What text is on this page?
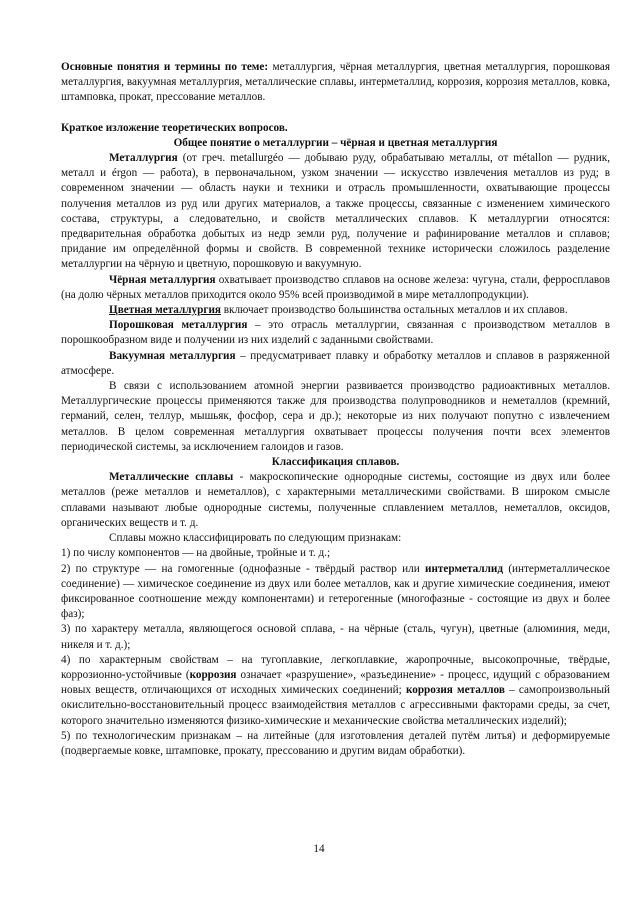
Основные понятия и термины по теме: металлургия, чёрная металлургия, цветная металлургия, порошковая металлургия, вакуумная металлургия, металлические сплавы, интерметаллид, коррозия, коррозия металлов, ковка, штамповка, прокат, прессование металлов.

Краткое изложение теоретических вопросов.

Общее понятие о металлургии – чёрная и цветная металлургия

Металлургия (от греч. metallurgéo — добываю руду, обрабатываю металлы, от métallon — рудник, металл и érgon — работа), в первоначальном, узком значении — искусство извлечения металлов из руд; в современном значении — область науки и техники и отрасль промышленности, охватывающие процессы получения металлов из руд или других материалов, а также процессы, связанные с изменением химического состава, структуры, а следовательно, и свойств металлических сплавов. К металлургии относятся: предварительная обработка добытых из недр земли руд, получение и рафинирование металлов и сплавов; придание им определённой формы и свойств. В современной технике исторически сложилось разделение металлургии на чёрную и цветную, порошковую и вакуумную.

Чёрная металлургия охватывает производство сплавов на основе железа: чугуна, стали, ферросплавов (на долю чёрных металлов приходится около 95% всей производимой в мире металлопродукции).

Цветная металлургия включает производство большинства остальных металлов и их сплавов.

Порошковая металлургия – это отрасль металлургии, связанная с производством металлов в порошкообразном виде и получении из них изделий с заданными свойствами.

Вакуумная металлургия – предусматривает плавку и обработку металлов и сплавов в разряженной атмосфере.

В связи с использованием атомной энергии развивается производство радиоактивных металлов. Металлургические процессы применяются также для производства полупроводников и неметаллов (кремний, германий, селен, теллур, мышьяк, фосфор, сера и др.); некоторые из них получают попутно с извлечением металлов. В целом современная металлургия охватывает процессы получения почти всех элементов периодической системы, за исключением галоидов и газов.

Классификация сплавов.

Металлические сплавы - макроскопические однородные системы, состоящие из двух или более металлов (реже металлов и неметаллов), с характерными металлическими свойствами. В широком смысле сплавами называют любые однородные системы, полученные сплавлением металлов, неметаллов, оксидов, органических веществ и т. д.

Сплавы можно классифицировать по следующим признакам:

1) по числу компонентов — на двойные, тройные и т. д.;

2) по структуре — на гомогенные (однофазные - твёрдый раствор или интерметаллид (интерметаллическое соединение) — химическое соединение из двух или более металлов, как и другие химические соединения, имеют фиксированное соотношение между компонентами) и гетерогенные (многофазные - состоящие из двух и более фаз);

3) по характеру металла, являющегося основой сплава, - на чёрные (сталь, чугун), цветные (алюминия, меди, никеля и т. д.);

4) по характерным свойствам – на тугоплавкие, легкоплавкие, жаропрочные, высокопрочные, твёрдые, коррозионно-устойчивые (коррозия означает «разрушение», «разъединение» - процесс, идущий с образованием новых веществ, отличающихся от исходных химических соединений; коррозия металлов – самопроизвольный окислительно-восстановительный процесс взаимодействия металлов с агрессивными факторами среды, за счет, которого значительно изменяются физико-химические и механические свойства металлических изделий);

5) по технологическим признакам – на литейные (для изготовления деталей путём литья) и деформируемые (подвергаемые ковке, штамповке, прокату, прессованию и другим видам обработки).

14
